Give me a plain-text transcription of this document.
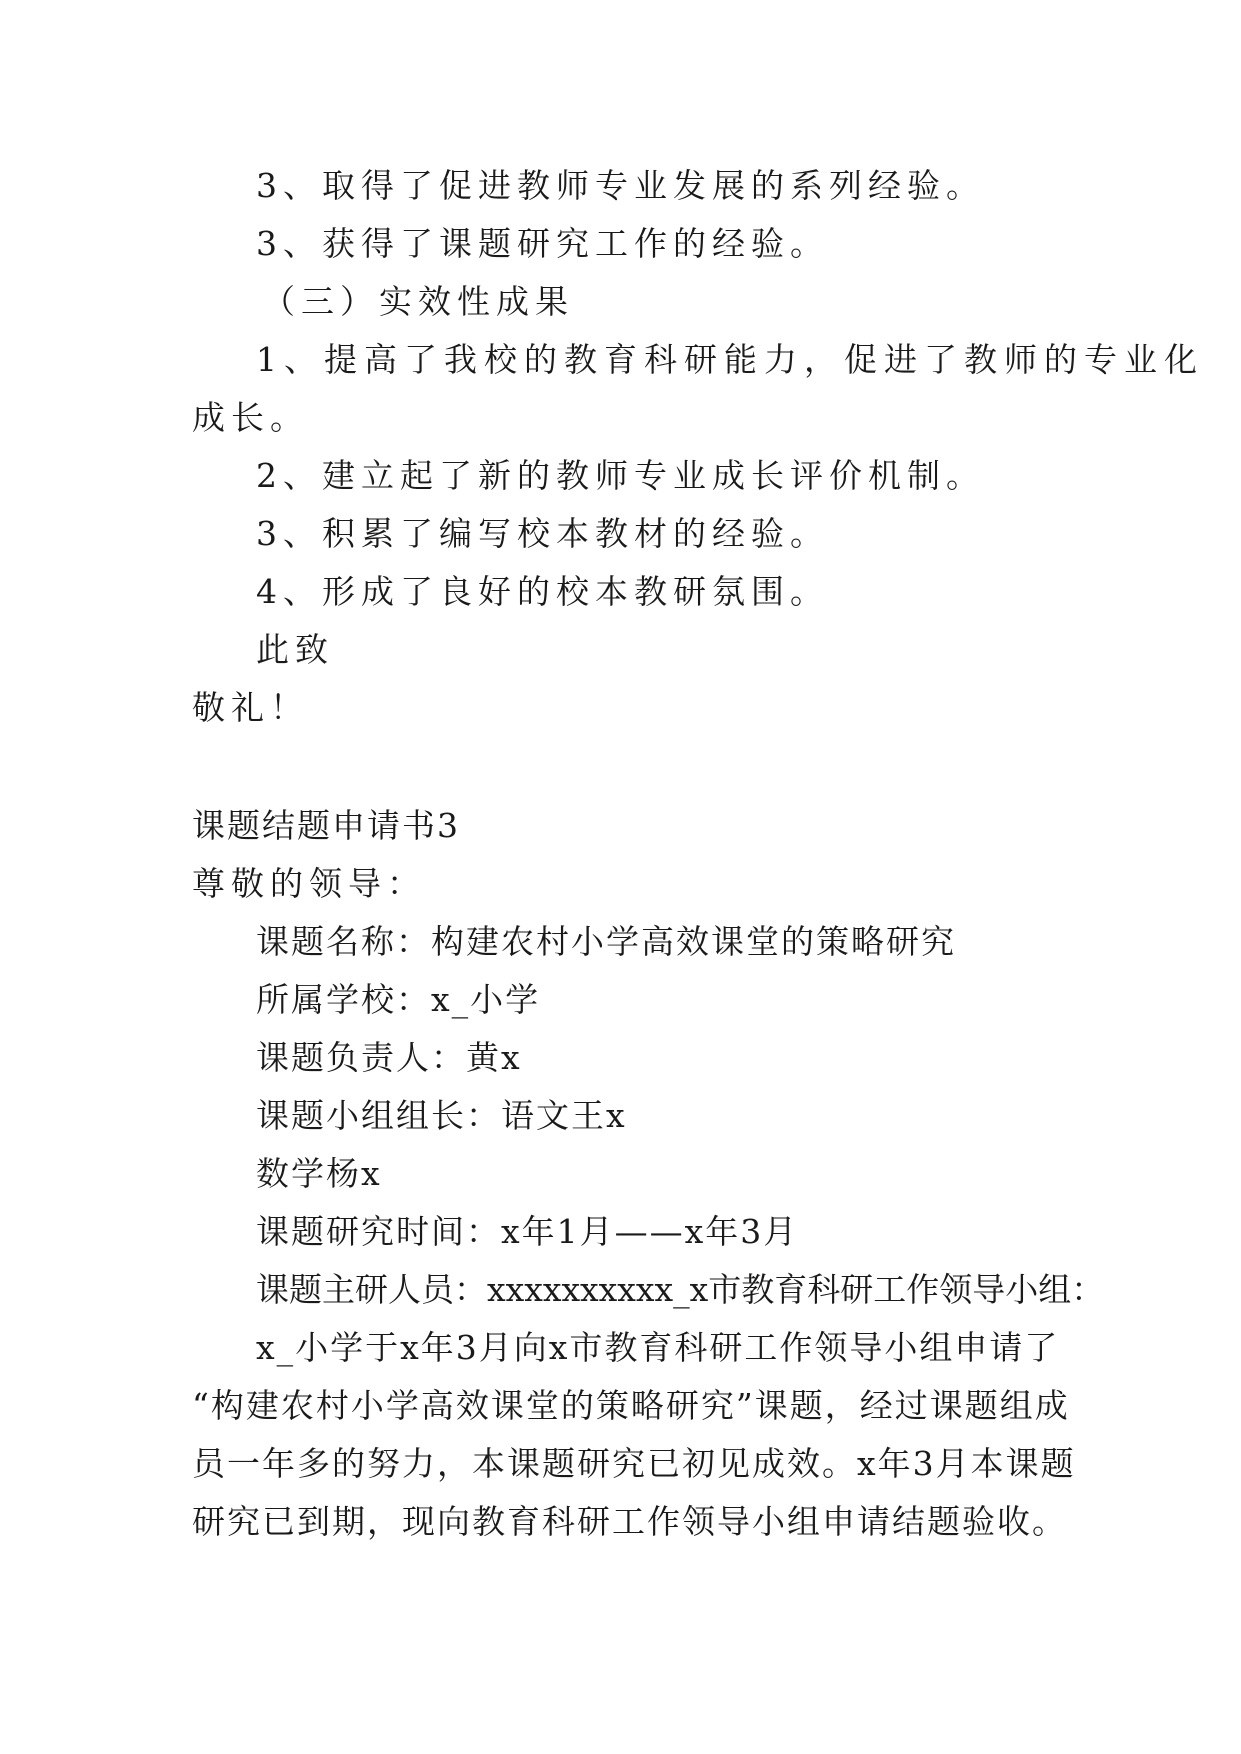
3、取得了促进教师专业发展的系列经验。
3、获得了课题研究工作的经验。
（三）实效性成果
1、提高了我校的教育科研能力，促进了教师的专业化
成长。
2、建立起了新的教师专业成长评价机制。
3、积累了编写校本教材的经验。
4、形成了良好的校本教研氛围。
此致
敬礼！
课题结题申请书3
尊敬的领导：
课题名称：构建农村小学高效课堂的策略研究
所属学校：x_小学
课题负责人：黄x
课题小组组长：语文王x
数学杨x
课题研究时间：x年1月——x年3月
课题主研人员：xxxxxxxxxx_x市教育科研工作领导小组：
x_小学于x年3月向x市教育科研工作领导小组申请了
“构建农村小学高效课堂的策略研究”课题，经过课题组成
员一年多的努力，本课题研究已初见成效。x年3月本课题
研究已到期，现向教育科研工作领导小组申请结题验收。
